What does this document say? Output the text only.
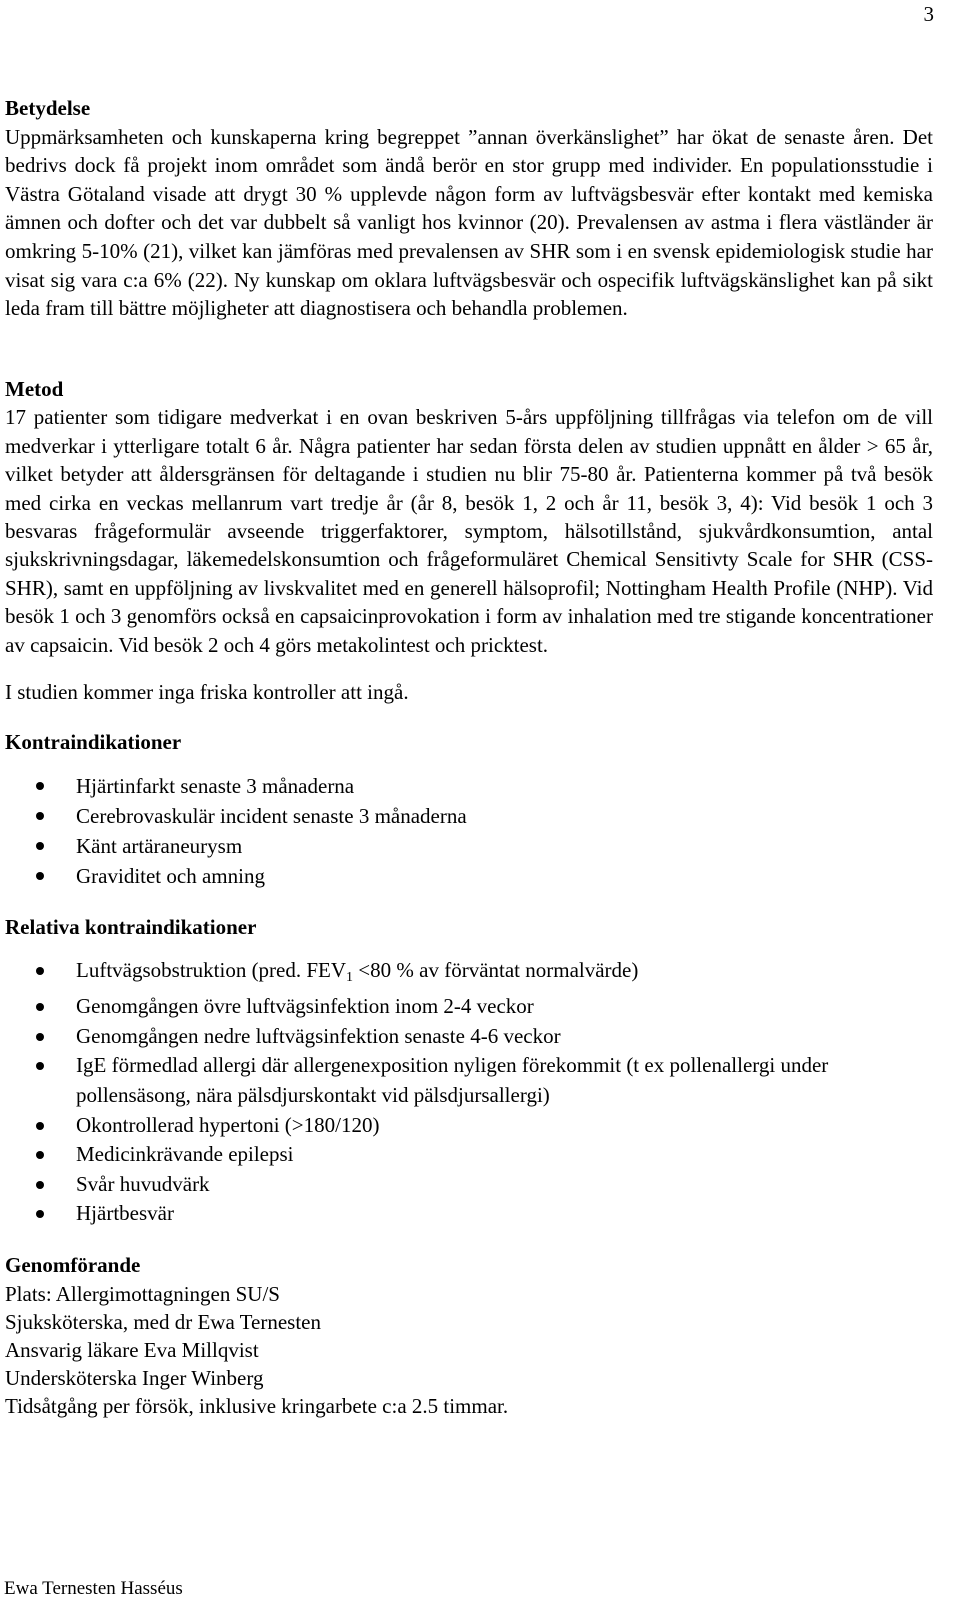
3
Betydelse

Uppmärksamheten och kunskaperna kring begreppet ”annan överkänslighet” har ökat de senaste åren. Det bedrivs dock få projekt inom området som ändå berör en stor grupp med individer. En populationsstudie i Västra Götaland visade att drygt 30 % upplevde någon form av luftvägsbesvär efter kontakt med kemiska ämnen och dofter och det var dubbelt så vanligt hos kvinnor (20). Prevalensen av astma i flera västländer är omkring 5-10% (21), vilket kan jämföras med prevalensen av SHR som i en svensk epidemiologisk studie har visat sig vara c:a 6% (22). Ny kunskap om oklara luftvägsbesvär och ospecifik luftvägskänslighet kan på sikt leda fram till bättre möjligheter att diagnostisera och behandla problemen.

Metod

17 patienter som tidigare medverkat i en ovan beskriven 5-års uppföljning tillfrågas via telefon om de vill medverkar i ytterligare totalt 6 år. Några patienter har sedan första delen av studien uppnått en ålder > 65 år, vilket betyder att åldersgränsen för deltagande i studien nu blir 75-80 år. Patienterna kommer på två besök med cirka en veckas mellanrum vart tredje år (år 8, besök 1, 2 och år 11, besök 3, 4): Vid besök 1 och 3 besvaras frågeformulär avseende triggerfaktorer, symptom, hälsotillstånd, sjukvårdkonsumtion, antal sjukskrivningsdagar, läkemedelskonsumtion och frågeformuläret Chemical Sensitivty Scale for SHR (CSS-SHR), samt en uppföljning av livskvalitet med en generell hälsoprofil; Nottingham Health Profile (NHP). Vid besök 1 och 3 genomförs också en capsaicinprovokation i form av inhalation med tre stigande koncentrationer av capsaicin. Vid besök 2 och 4 görs metakolintest och pricktest.

I studien kommer inga friska kontroller att ingå.

Kontraindikationer
Hjärtinfarkt senaste 3 månaderna
Cerebrovaskulär incident senaste 3 månaderna
Känt artäraneurysm
Graviditet och amning
Relativa kontraindikationer
Luftvägsobstruktion (pred. $FEV_1 <80$ % av förväntat normalvärde)
Genomgången övre luftvägsinfektion inom 2-4 veckor
Genomgången nedre luftvägsinfektion senaste 4-6 veckor
IgE förmedlad allergi där allergenexposition nyligen förekommit (t ex pollenallergi under pollensäsong, nära pälsdjurskontakt vid pälsdjursallergi)
Okontrollerad hypertoni (>180/120)
Medicinkrävande epilepsi
Svår huvudvärk
Hjärtbesvär
Genomförande
Plats: Allergimottagningen SU/S
Sjuksköterska, med dr Ewa Ternesten
Ansvarig läkare Eva Millqvist
Undersköterska Inger Winberg
Tidsåtgång per försök, inklusive kringarbete c:a 2.5 timmar.
Ewa Ternesten Hasséus
